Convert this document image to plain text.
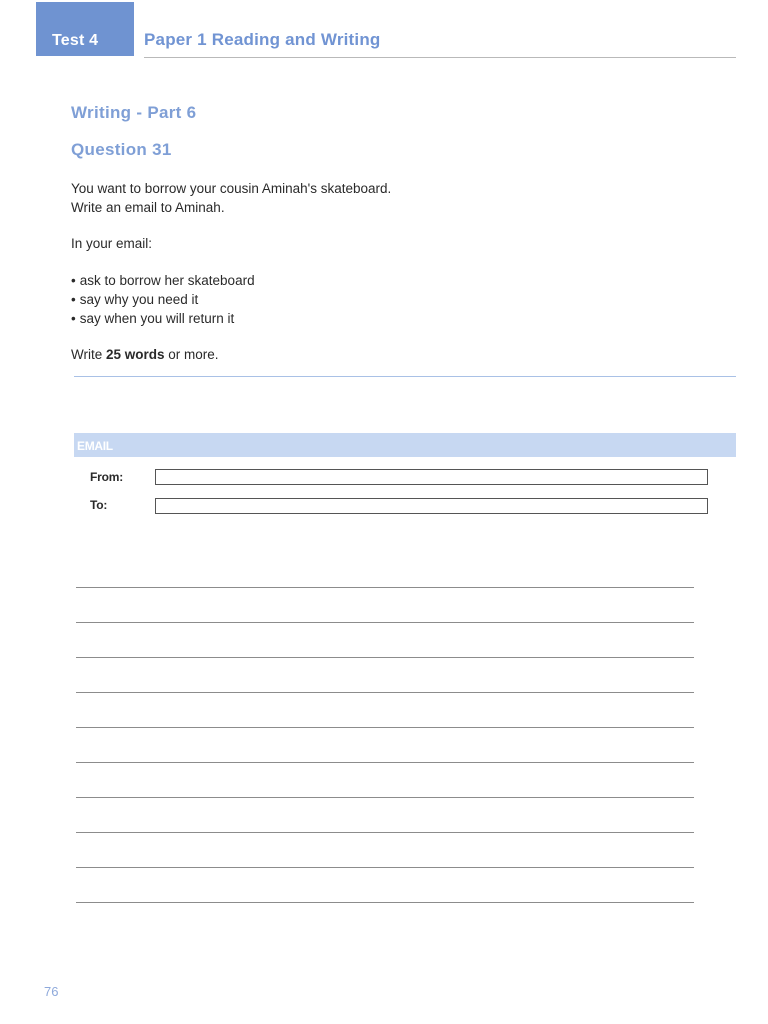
Test 4	Paper 1 Reading and Writing
Writing - Part 6
Question 31
You want to borrow your cousin Aminah's skateboard.
Write an email to Aminah.
In your email:
• ask to borrow her skateboard
• say why you need it
• say when you will return it
Write 25 words or more.
EMAIL
From:
To:
76
